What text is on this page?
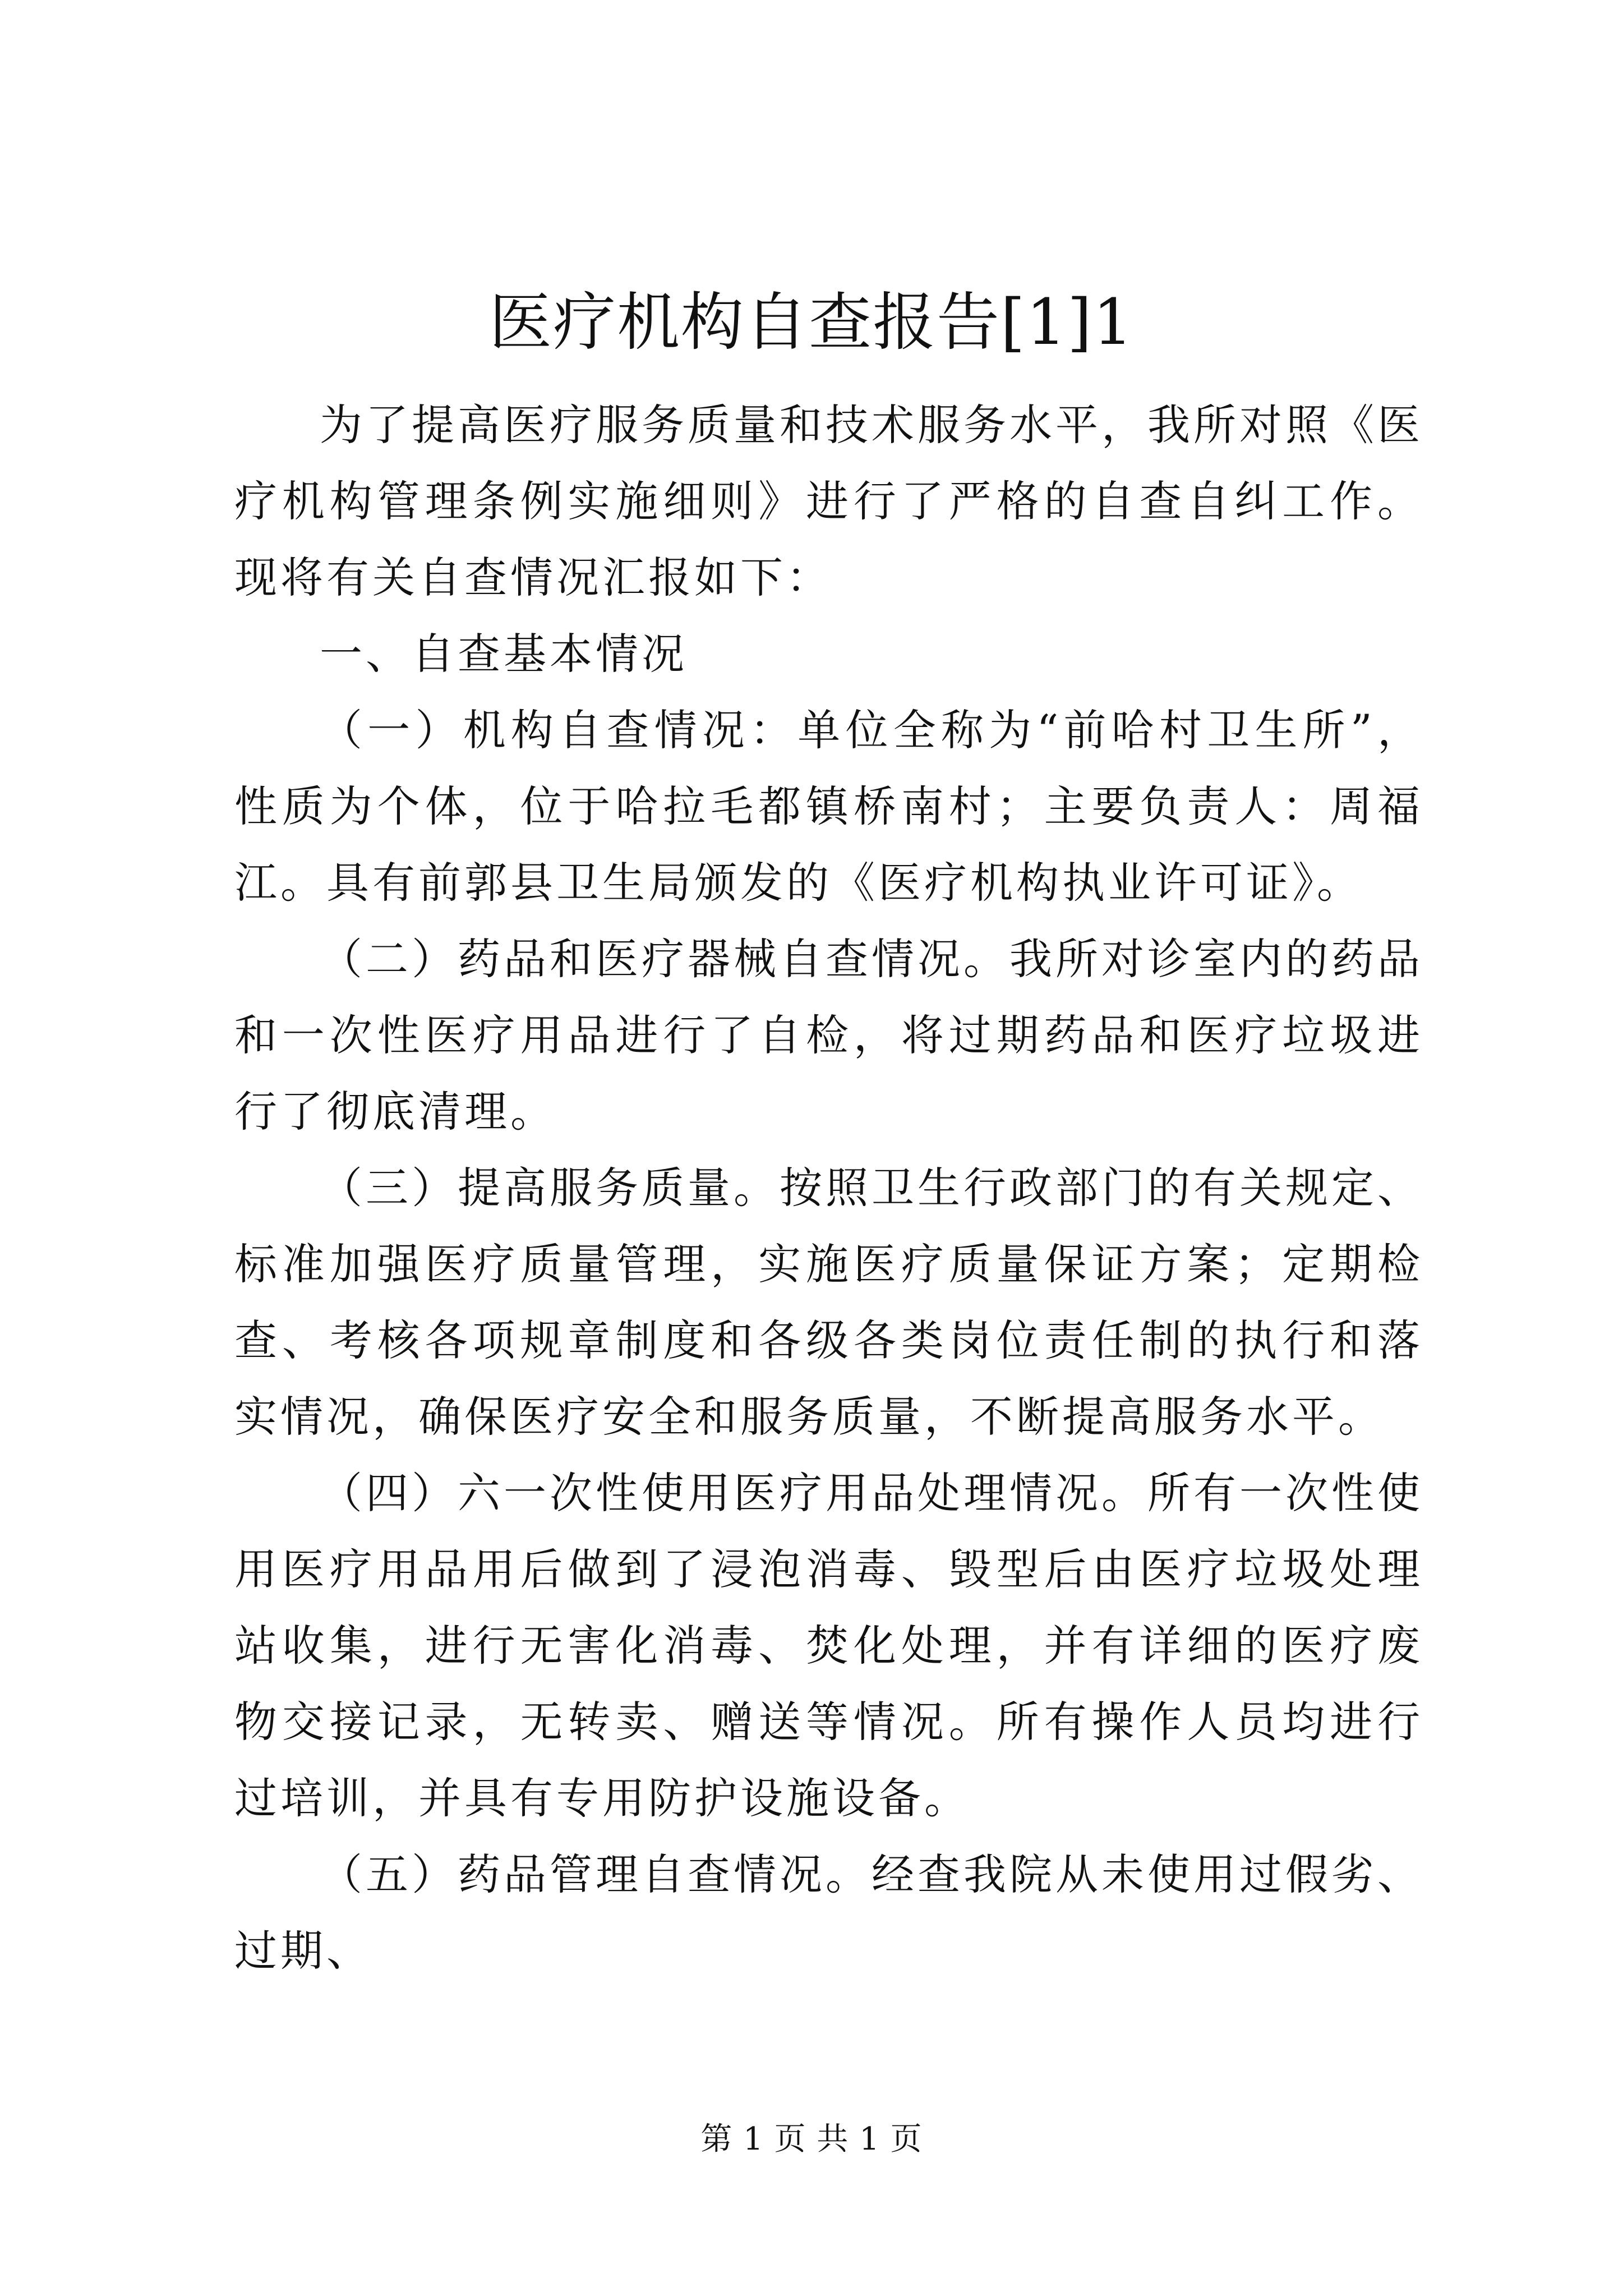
医疗机构自查报告[1]1

为了提高医疗服务质量和技术服务水平，我所对照《医疗机构管理条例实施细则》进行了严格的自查自纠工作。现将有关自查情况汇报如下：

一、自查基本情况

（一）机构自查情况：单位全称为“前哈村卫生所”，性质为个体，位于哈拉毛都镇桥南村；主要负责人：周福江。具有前郭县卫生局颁发的《医疗机构执业许可证》。

（二）药品和医疗器械自查情况。我所对诊室内的药品和一次性医疗用品进行了自检，将过期药品和医疗垃圾进行了彻底清理。

（三）提高服务质量。按照卫生行政部门的有关规定、标准加强医疗质量管理，实施医疗质量保证方案；定期检查、考核各项规章制度和各级各类岗位责任制的执行和落实情况，确保医疗安全和服务质量，不断提高服务水平。

（四）六一次性使用医疗用品处理情况。所有一次性使用医疗用品用后做到了浸泡消毒、毁型后由医疗垃圾处理站收集，进行无害化消毒、焚化处理，并有详细的医疗废物交接记录，无转卖、赠送等情况。所有操作人员均进行过培训，并具有专用防护设施设备。

（五）药品管理自查情况。经查我院从未使用过假劣、过期、

第 1 页 共 1 页
